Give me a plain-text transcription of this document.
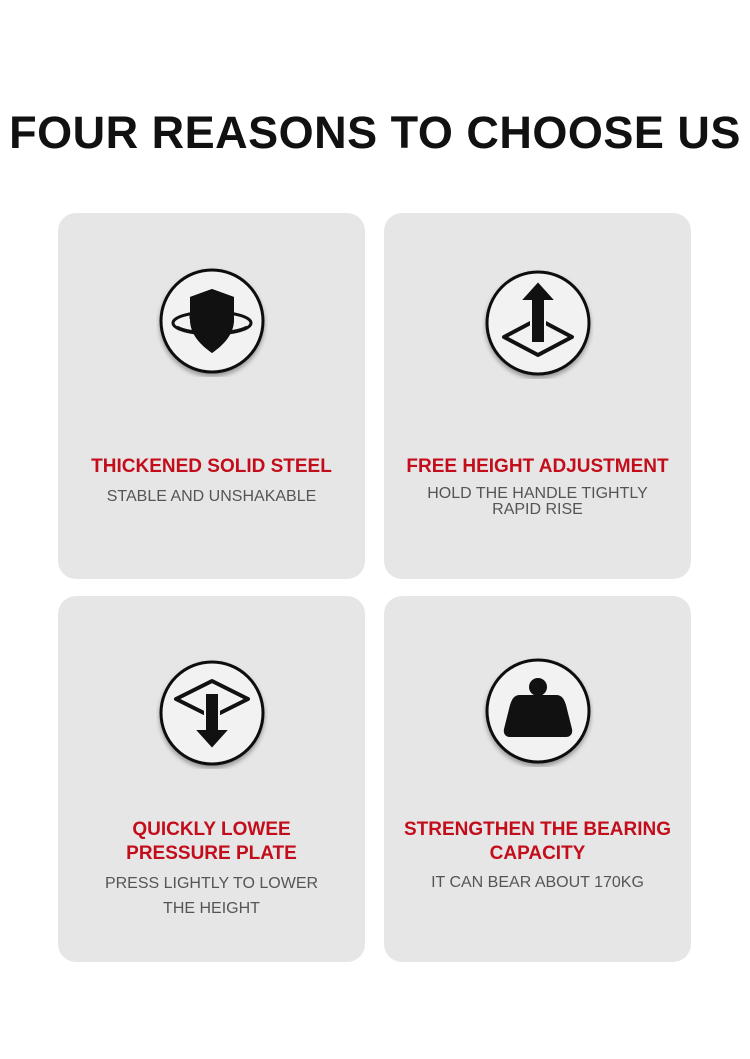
FOUR REASONS TO CHOOSE US
THICKENED SOLID STEEL
STABLE AND UNSHAKABLE
FREE HEIGHT ADJUSTMENT
HOLD THE HANDLE TIGHTLY
RAPID RISE
QUICKLY LOWEE
PRESSURE PLATE
PRESS LIGHTLY TO LOWER
THE HEIGHT
STRENGTHEN THE BEARING
CAPACITY
IT CAN BEAR ABOUT 170KG
